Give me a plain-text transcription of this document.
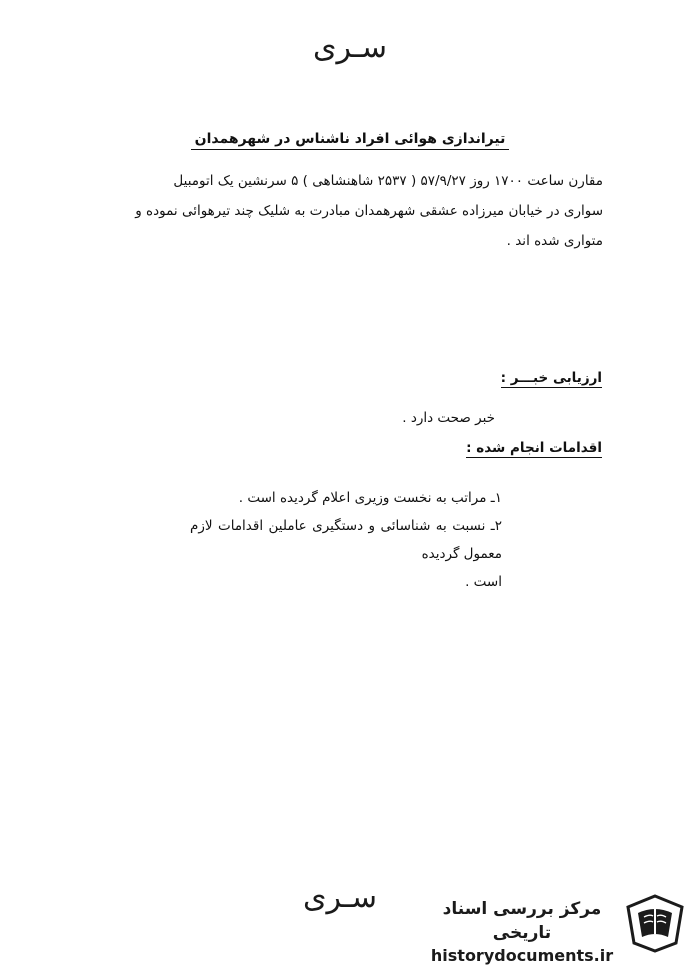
سـری
تیراندازی هوائی افراد ناشناس در شهرهمدان
مقارن ساعت ۱۷۰۰ روز ۵۷/۹/۲۷ ( ۲۵۳۷ شاهنشاهی ) ۵ سرنشین یک اتومبیل
سواری در خیابان میرزاده عشقی شهرهمدان مبادرت به شلیک چند تیرهوائی نموده و
متواری شده اند .
ارزیابی خبـــر :
خبر صحت دارد .
اقدامات انجام شده :
۱ـ مراتب به نخست وزیری اعلام گردیده است .
۲ـ نسبت به شناسائی و دستگیری عاملین اقدامات لازم معمول گردیده
است .
سـری	مرکز بررسی اسناد تاریخی
historydocuments.ir
